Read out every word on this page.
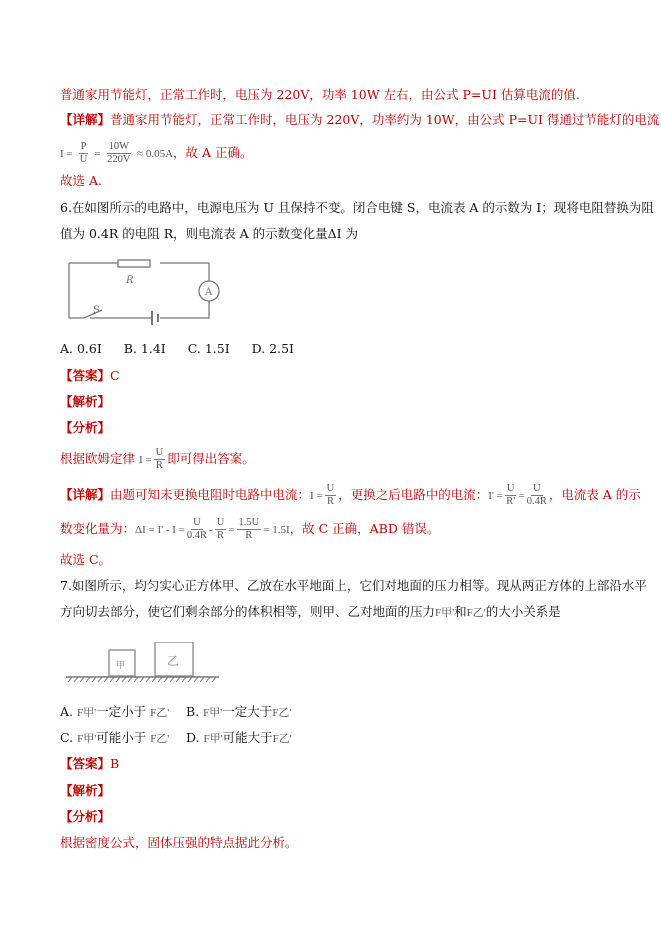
普通家用节能灯，正常工作时，电压为 220V，功率 10W 左右，由公式 P=UI 估算电流的值.
【详解】普通家用节能灯，正常工作时，电压为 220V，功率约为 10W，由公式 P=UI 得通过节能灯的电流
$I = \frac{P}{U} = \frac{10W}{220V} \approx 0.05A$，故 A 正确。
故选 A.
6.在如图所示的电路中，电源电压为 U 且保持不变。闭合电键 S，电流表 A 的示数为 I；现将电阻替换为阻
值为 0.4R 的电阻 R，则电流表 A 的示数变化量ΔI 为
R
S
A
A. 0.6I B. 1.4I C. 1.5I D. 2.5I
【答案】C
【解析】
【分析】
根据欧姆定律 $I = \frac{U}{R}$ 即可得出答案。
【详解】由题可知未更换电阻时电路中电流：$I = \frac{U}{R}$ ，更换之后电路中的电流：$I' = \frac{U}{R'} = \frac{U}{0.4R}$ ，电流表 A 的示
数变化量为：$\Delta I = I' - I = \frac{U}{0.4R} - \frac{U}{R} = \frac{1.5U}{R} = 1.5I$，故 C 正确，ABD 错误。
故选 C。
7.如图所示，均匀实心正方体甲、乙放在水平地面上，它们对地面的压力相等。现从两正方体的上部沿水平
方向切去部分，使它们剩余部分的体积相等，则甲、乙对地面的压力F甲'和F乙'的大小关系是
甲	乙
A. F甲'一定小于 F乙' B. F甲'一定大于F乙'
C. F甲'可能小于 F乙' D. F甲'可能大于F乙'
【答案】B
【解析】
【分析】
根据密度公式，固体压强的特点据此分析。
